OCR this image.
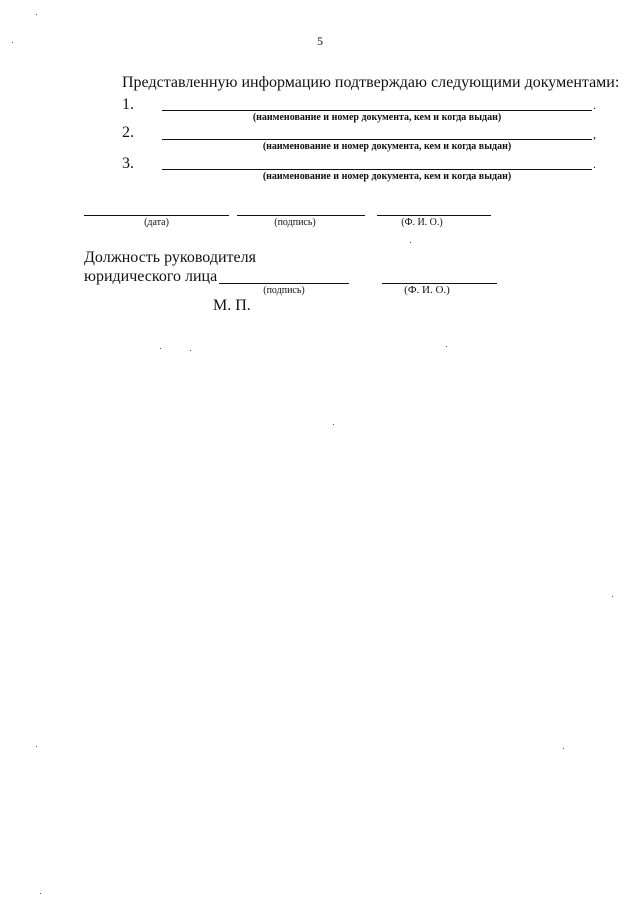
5
Представленную информацию подтверждаю следующими документами:
1.	.
(наименование и номер документа, кем и когда выдан)
2.	,
(наименование и номер документа, кем и когда выдан)
3.	.
(наименование и номер документа, кем и когда выдан)
(дата)	(подпись)	(Ф. И. О.)
Должность руководителя
юридического лица
(подпись)	(Ф. И. О.)
М. П.
